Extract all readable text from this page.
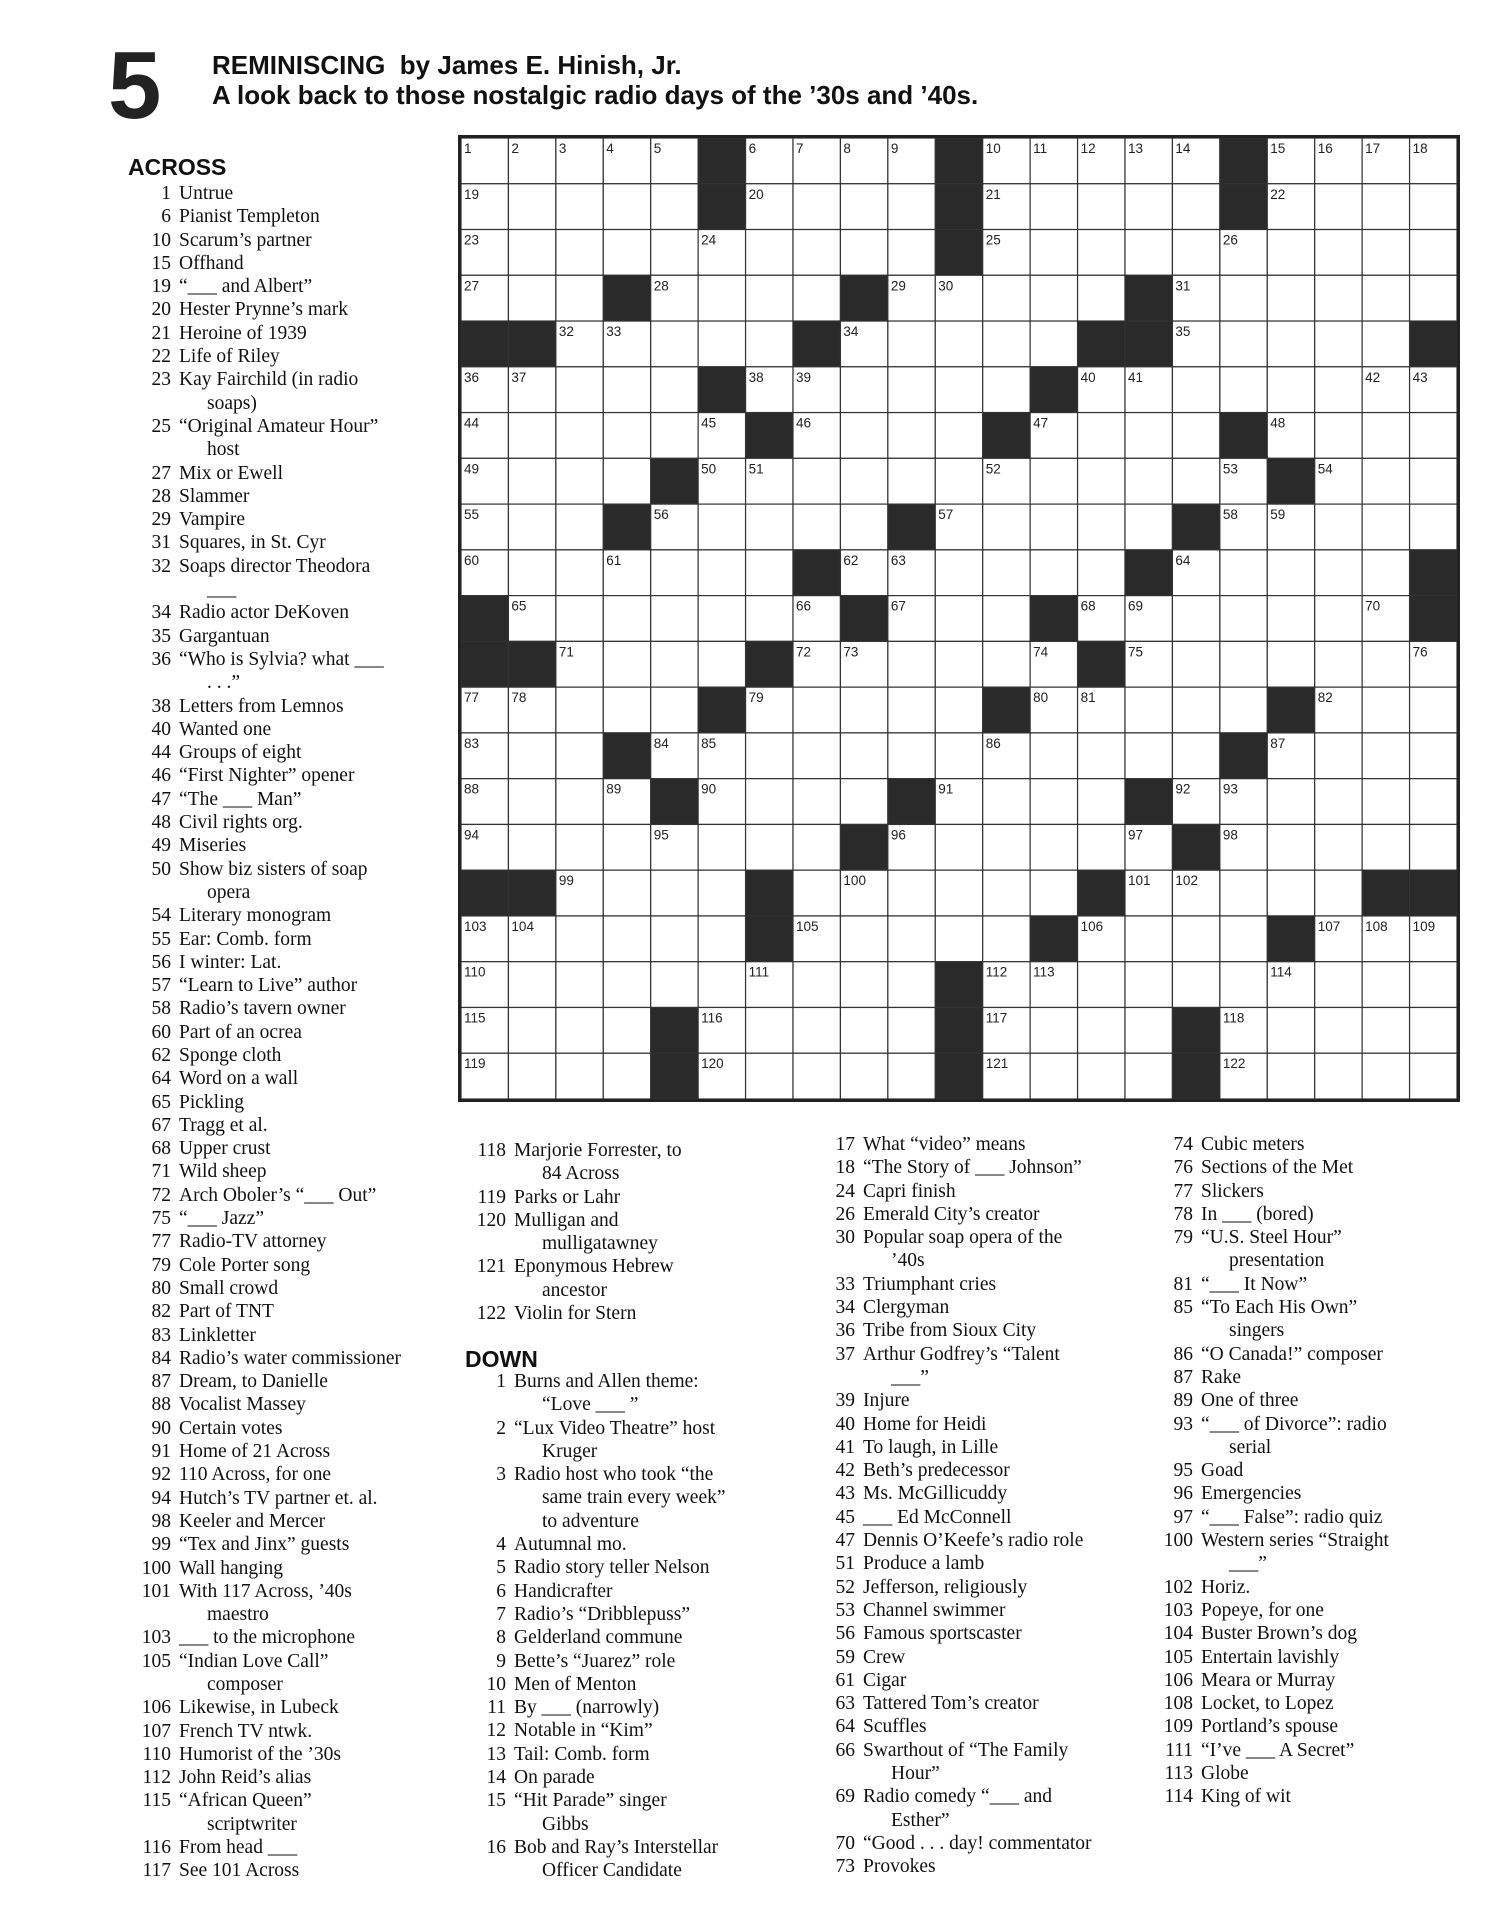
5 REMINISCING by James E. Hinish, Jr.
A look back to those nostalgic radio days of the ’30s and ’40s.
ACROSS
DOWN
1 Untrue
6 Pianist Templeton
10 Scarum’s partner
15 Offhand
19 “___ and Albert”
20 Hester Prynne’s mark
21 Heroine of 1939
22 Life of Riley
23 Kay Fairchild (in radio
soaps)
25 “Original Amateur Hour”
host
27 Mix or Ewell
28 Slammer
29 Vampire
31 Squares, in St. Cyr
32 Soaps director Theodora
___
34 Radio actor DeKoven
35 Gargantuan
36 “Who is Sylvia? what ___
. . .”
38 Letters from Lemnos
40 Wanted one
44 Groups of eight
46 “First Nighter” opener
47 “The ___ Man”
48 Civil rights org.
49 Miseries
50 Show biz sisters of soap
opera
54 Literary monogram
55 Ear: Comb. form
56 I winter: Lat.
57 “Learn to Live” author
58 Radio’s tavern owner
60 Part of an ocrea
62 Sponge cloth
64 Word on a wall
65 Pickling
67 Tragg et al.
68 Upper crust
71 Wild sheep
72 Arch Oboler’s “___ Out”
75 “___ Jazz”
77 Radio-TV attorney
79 Cole Porter song
80 Small crowd
82 Part of TNT
83 Linkletter
84 Radio’s water commissioner
87 Dream, to Danielle
88 Vocalist Massey
90 Certain votes
91 Home of 21 Across
92 110 Across, for one
94 Hutch’s TV partner et. al.
98 Keeler and Mercer
99 “Tex and Jinx” guests
100 Wall hanging
101 With 117 Across, ’40s
maestro
103 ___ to the microphone
105 “Indian Love Call”
composer
106 Likewise, in Lubeck
107 French TV ntwk.
110 Humorist of the ’30s
112 John Reid’s alias
115 “African Queen”
scriptwriter
116 From head ___
117 See 101 Across
118 Marjorie Forrester, to
84 Across
119 Parks or Lahr
120 Mulligan and
mulligatawney
121 Eponymous Hebrew
ancestor
122 Violin for Stern
1 Burns and Allen theme:
“Love ___ ”
2 “Lux Video Theatre” host
Kruger
3 Radio host who took “the
same train every week”
to adventure
4 Autumnal mo.
5 Radio story teller Nelson
6 Handicrafter
7 Radio’s “Dribblepuss”
8 Gelderland commune
9 Bette’s “Juarez” role
10 Men of Menton
11 By ___ (narrowly)
12 Notable in “Kim”
13 Tail: Comb. form
14 On parade
15 “Hit Parade” singer
Gibbs
16 Bob and Ray’s Interstellar
Officer Candidate
17 What “video” means
18 “The Story of ___ Johnson”
24 Capri finish
26 Emerald City’s creator
30 Popular soap opera of the
’40s
33 Triumphant cries
34 Clergyman
36 Tribe from Sioux City
37 Arthur Godfrey’s “Talent
___”
39 Injure
40 Home for Heidi
41 To laugh, in Lille
42 Beth’s predecessor
43 Ms. McGillicuddy
45 ___ Ed McConnell
47 Dennis O’Keefe’s radio role
51 Produce a lamb
52 Jefferson, religiously
53 Channel swimmer
56 Famous sportscaster
59 Crew
61 Cigar
63 Tattered Tom’s creator
64 Scuffles
66 Swarthout of “The Family
Hour”
69 Radio comedy “___ and
Esther”
70 “Good . . . day! commentator
73 Provokes
74 Cubic meters
76 Sections of the Met
77 Slickers
78 In ___ (bored)
79 “U.S. Steel Hour”
presentation
81 “___ It Now”
85 “To Each His Own”
singers
86 “O Canada!” composer
87 Rake
89 One of three
93 “___ of Divorce”: radio
serial
95 Goad
96 Emergencies
97 “___ False”: radio quiz
100 Western series “Straight
___”
102 Horiz.
103 Popeye, for one
104 Buster Brown’s dog
105 Entertain lavishly
106 Meara or Murray
108 Locket, to Lopez
109 Portland’s spouse
111 “I’ve ___ A Secret”
113 Globe
114 King of wit
1	2	3	4	5	6	7	8	9	10 11 12 13 14	15 16 17 18
19	20	21	22
23	24	25	26
27	28	29 30	31
32 33	34	35
36 37	38 39	40 41	42 43
44	45	46	47	48
49	50 51	52	53	54
55	56	57	58 59
60	61	62 63	64
65	66	67	68 69	70
71	72 73	74	75	76
77 78	79	80 81	82
83	84 85	86	87
88	89	90	91	92 93
94	95	96	97	98
99	100	101 102
103 104	105	106	107 108 109
110	111	112 113	114
115	116	117	118
119	120	121	122
